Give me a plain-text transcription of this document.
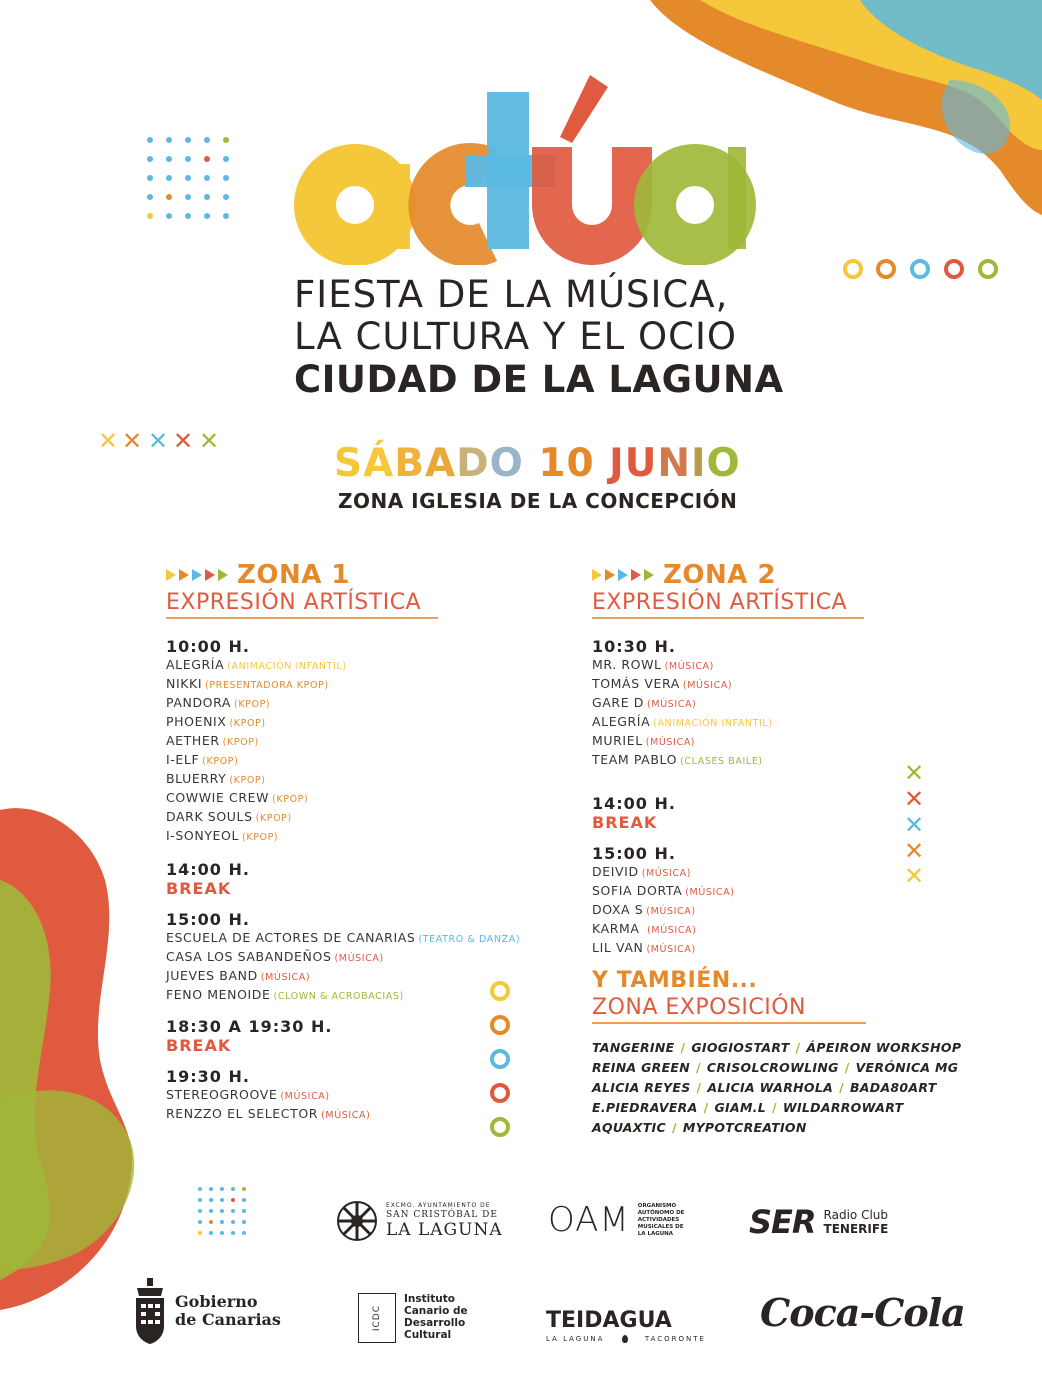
✕ ✕ ✕ ✕ ✕
✕
✕
✕
✕
✕
FIESTA DE LA MÚSICA,
LA CULTURA Y EL OCIO
CIUDAD DE LA LAGUNA
SÁBADO 10 JUNIO
ZONA IGLESIA DE LA CONCEPCIÓN
ZONA 1
EXPRESIÓN ARTÍSTICA
10:00 H.
ALEGRÍA (ANIMACIÓN INFANTIL)
NIKKI (PRESENTADORA KPOP)
PANDORA (KPOP)
PHOENIX (KPOP)
AETHER (KPOP)
I-ELF (KPOP)
BLUERRY (KPOP)
COWWIE CREW (KPOP)
DARK SOULS (KPOP)
I-SONYEOL (KPOP)
14:00 H.
BREAK
15:00 H.
ESCUELA DE ACTORES DE CANARIAS (TEATRO & DANZA)
CASA LOS SABANDEÑOS (MÚSICA)
JUEVES BAND (MÚSICA)
FENO MENOIDE (CLOWN & ACROBACIAS)
18:30 A 19:30 H.
BREAK
19:30 H.
STEREOGROOVE (MÚSICA)
RENZZO EL SELECTOR (MÚSICA)
ZONA 2
EXPRESIÓN ARTÍSTICA
10:30 H.
MR. ROWL (MÚSICA)
TOMÁS VERA (MÚSICA)
GARE D (MÚSICA)
ALEGRÍA (ANIMACIÓN INFANTIL)
MURIEL (MÚSICA)
TEAM PABLO (CLASES BAILE)
14:00 H.
BREAK
15:00 H.
DEIVID (MÚSICA)
SOFIA DORTA (MÚSICA)
DOXA S (MÚSICA)
KARMA (MÚSICA)
LIL VAN (MÚSICA)
Y TAMBIÉN...
ZONA EXPOSICIÓN
TANGERINE / GIOGIOSTART / ÁPEIRON WORKSHOP
REINA GREEN / CRISOLCROWLING / VERÓNICA MG
ALICIA REYES / ALICIA WARHOLA / BADA80ART
E.PIEDRAVERA / GIAM.L / WILDARROWART
AQUAXTIC / MYPOTCREATION
EXCMO. AYUNTAMIENTO DE
SAN CRISTÓBAL DE
LA LAGUNA OAM ORGANISMO
AUTÓNOMO DE
ACTIVIDADES
MUSICALES DE
LA LAGUNA	SER Radio Club
TENERIFE
Gobierno
de Canarias	ICDC
Instituto
Canario de
Desarrollo
Cultural
TEIDAGUA
LA LAGUNA	TACORONTE
Coca-Cola
